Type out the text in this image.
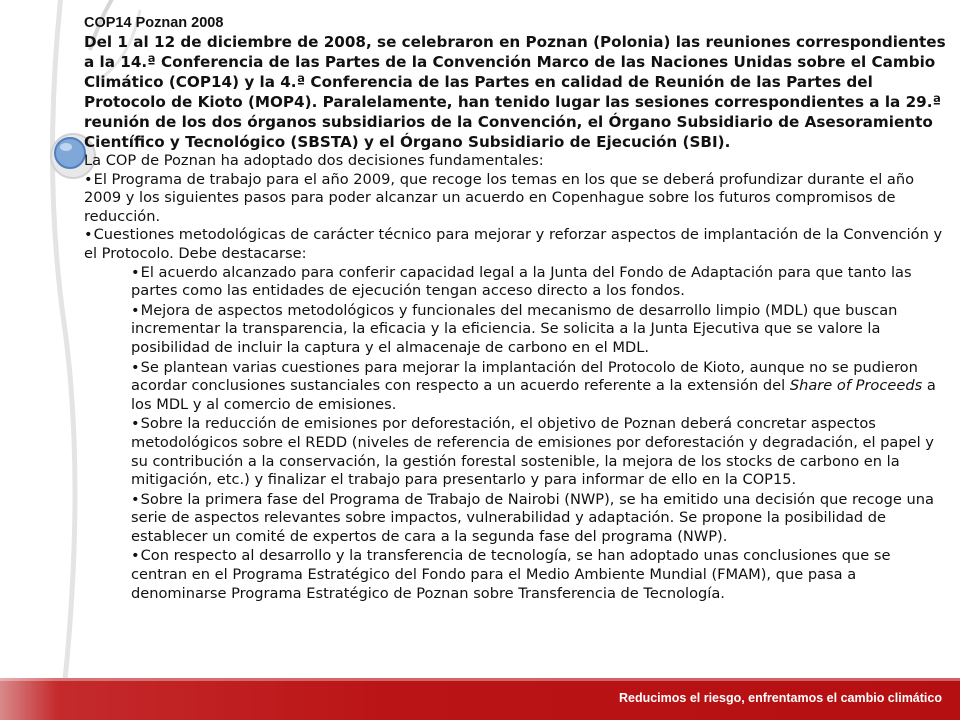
COP14 Poznan 2008

Del 1 al 12 de diciembre de 2008, se celebraron en Poznan (Polonia) las reuniones correspondientes a la 14.ª Conferencia de las Partes de la Convención Marco de las Naciones Unidas sobre el Cambio Climático (COP14) y la 4.ª Conferencia de las Partes en calidad de Reunión de las Partes del Protocolo de Kioto (MOP4). Paralelamente, han tenido lugar las sesiones correspondientes a la 29.ª reunión de los dos órganos subsidiarios de la Convención, el Órgano Subsidiario de Asesoramiento Científico y Tecnológico (SBSTA) y el Órgano Subsidiario de Ejecución (SBI).

La COP de Poznan ha adoptado dos decisiones fundamentales:

•El Programa de trabajo para el año 2009, que recoge los temas en los que se deberá profundizar durante el año 2009 y los siguientes pasos para poder alcanzar un acuerdo en Copenhague sobre los futuros compromisos de reducción.

•Cuestiones metodológicas de carácter técnico para mejorar y reforzar aspectos de implantación de la Convención y el Protocolo. Debe destacarse:

•El acuerdo alcanzado para conferir capacidad legal a la Junta del Fondo de Adaptación para que tanto las partes como las entidades de ejecución tengan acceso directo a los fondos.

•Mejora de aspectos metodológicos y funcionales del mecanismo de desarrollo limpio (MDL) que buscan incrementar la transparencia, la eficacia y la eficiencia. Se solicita a la Junta Ejecutiva que se valore la posibilidad de incluir la captura y el almacenaje de carbono en el MDL.

•Se plantean varias cuestiones para mejorar la implantación del Protocolo de Kioto, aunque no se pudieron acordar conclusiones sustanciales con respecto a un acuerdo referente a la extensión del Share of Proceeds a los MDL y al comercio de emisiones.

•Sobre la reducción de emisiones por deforestación, el objetivo de Poznan deberá concretar aspectos metodológicos sobre el REDD (niveles de referencia de emisiones por deforestación y degradación, el papel y su contribución a la conservación, la gestión forestal sostenible, la mejora de los stocks de carbono en la mitigación, etc.) y finalizar el trabajo para presentarlo y para informar de ello en la COP15.

•Sobre la primera fase del Programa de Trabajo de Nairobi (NWP), se ha emitido una decisión que recoge una serie de aspectos relevantes sobre impactos, vulnerabilidad y adaptación. Se propone la posibilidad de establecer un comité de expertos de cara a la segunda fase del programa (NWP).

•Con respecto al desarrollo y la transferencia de tecnología, se han adoptado unas conclusiones que se centran en el Programa Estratégico del Fondo para el Medio Ambiente Mundial (FMAM), que pasa a denominarse Programa Estratégico de Poznan sobre Transferencia de Tecnología.

Reducimos el riesgo, enfrentamos el cambio climático
